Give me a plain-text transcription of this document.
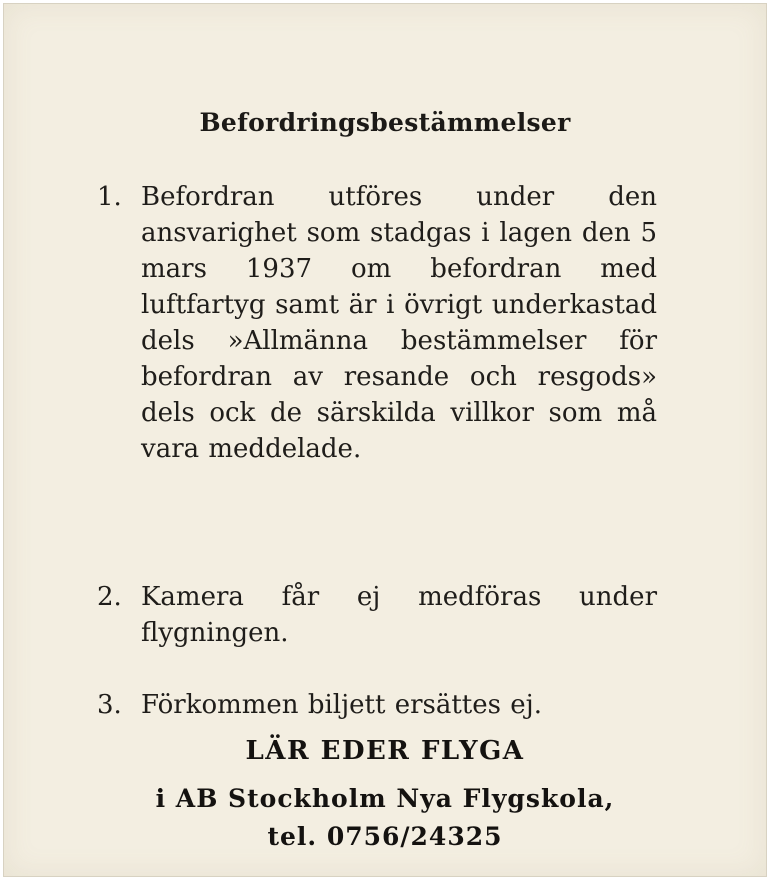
Befordringsbestämmelser
1. Befordran utföres under den ansvarighet som stadgas i lagen den 5 mars 1937 om befordran med luftfartyg samt är i övrigt underkastad dels »Allmänna bestämmelser för befordran av resande och resgods» dels ock de särskilda villkor som må vara meddelade.
2. Kamera får ej medföras under flygningen.
3. Förkommen biljett ersättes ej.
LÄR EDER FLYGA
i AB Stockholm Nya Flygskola,
tel. 0756/24325
